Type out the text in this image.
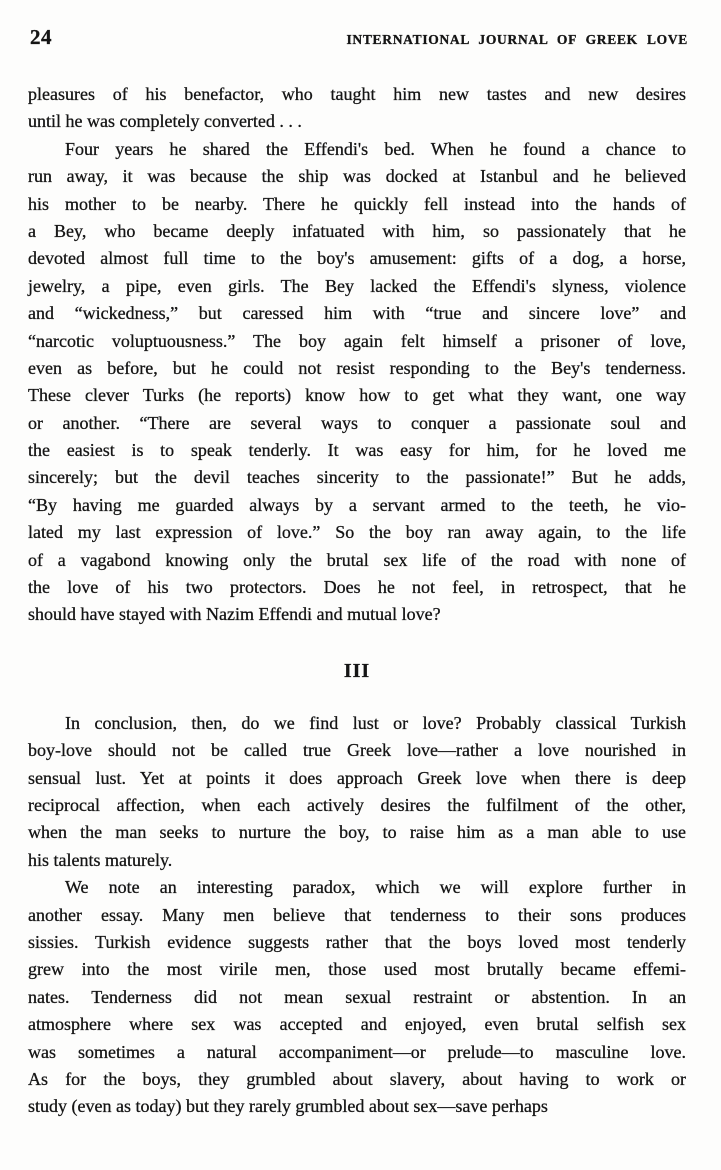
24	INTERNATIONAL JOURNAL OF GREEK LOVE
pleasures of his benefactor, who taught him new tastes and new desires
until he was completely converted . . .
Four years he shared the Effendi's bed. When he found a chance to
run away, it was because the ship was docked at Istanbul and he believed
his mother to be nearby. There he quickly fell instead into the hands of
a Bey, who became deeply infatuated with him, so passionately that he
devoted almost full time to the boy's amusement: gifts of a dog, a horse,
jewelry, a pipe, even girls. The Bey lacked the Effendi's slyness, violence
and “wickedness,” but caressed him with “true and sincere love” and
“narcotic voluptuousness.” The boy again felt himself a prisoner of love,
even as before, but he could not resist responding to the Bey's tenderness.
These clever Turks (he reports) know how to get what they want, one way
or another. “There are several ways to conquer a passionate soul and
the easiest is to speak tenderly. It was easy for him, for he loved me
sincerely; but the devil teaches sincerity to the passionate!” But he adds,
“By having me guarded always by a servant armed to the teeth, he vio-
lated my last expression of love.” So the boy ran away again, to the life
of a vagabond knowing only the brutal sex life of the road with none of
the love of his two protectors. Does he not feel, in retrospect, that he
should have stayed with Nazim Effendi and mutual love?
III
In conclusion, then, do we find lust or love? Probably classical Turkish
boy-love should not be called true Greek love—rather a love nourished in
sensual lust. Yet at points it does approach Greek love when there is deep
reciprocal affection, when each actively desires the fulfilment of the other,
when the man seeks to nurture the boy, to raise him as a man able to use
his talents maturely.
We note an interesting paradox, which we will explore further in
another essay. Many men believe that tenderness to their sons produces
sissies. Turkish evidence suggests rather that the boys loved most tenderly
grew into the most virile men, those used most brutally became effemi-
nates. Tenderness did not mean sexual restraint or abstention. In an
atmosphere where sex was accepted and enjoyed, even brutal selfish sex
was sometimes a natural accompaniment—or prelude—to masculine love.
As for the boys, they grumbled about slavery, about having to work or
study (even as today) but they rarely grumbled about sex—save perhaps
